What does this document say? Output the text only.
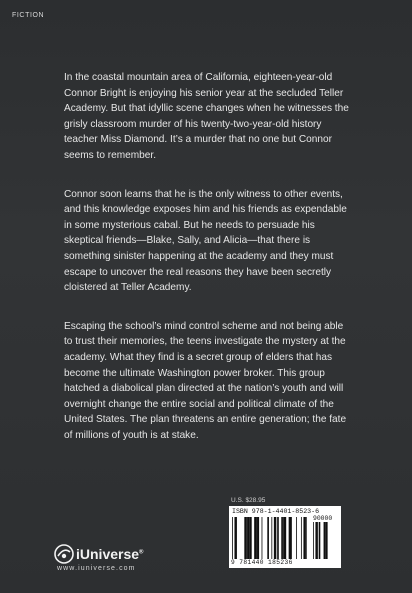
FICTION

In the coastal mountain area of California, eighteen-year-old Connor Bright is enjoying his senior year at the secluded Teller Academy. But that idyllic scene changes when he witnesses the grisly classroom murder of his twenty-two-year-old history teacher Miss Diamond. It’s a murder that no one but Connor seems to remember.

Connor soon learns that he is the only witness to other events, and this knowledge exposes him and his friends as expendable in some mysterious cabal. But he needs to persuade his skeptical friends—Blake, Sally, and Alicia—that there is something sinister happening at the academy and they must escape to uncover the real reasons they have been secretly cloistered at Teller Academy.

Escaping the school’s mind control scheme and not being able to trust their memories, the teens investigate the mystery at the academy. What they find is a secret group of elders that has become the ultimate Washington power broker. This group hatched a diabolical plan directed at the nation’s youth and will overnight change the entire social and political climate of the United States. The plan threatens an entire generation; the fate of millions of youth is at stake.

U.S. $28.95
ISBN 978-1-4401-8523-6
90000
9 781440 185236
iUniverse®
www.iuniverse.com
